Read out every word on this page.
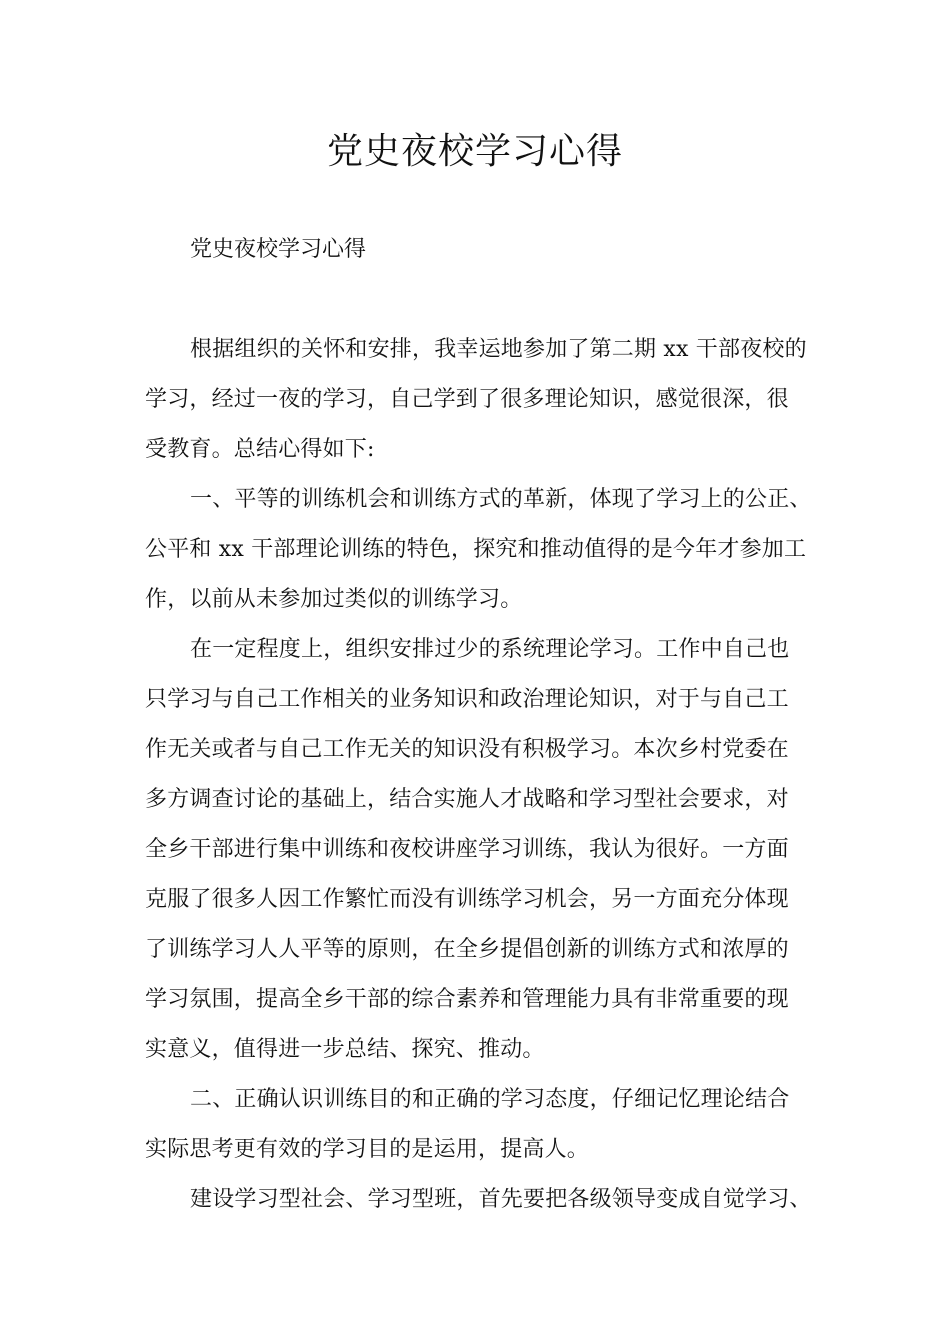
党史夜校学习心得

党史夜校学习心得

根据组织的关怀和安排，我幸运地参加了第二期 xx 干部夜校的
学习，经过一夜的学习，自己学到了很多理论知识，感觉很深，很
受教育。总结心得如下:
一、平等的训练机会和训练方式的革新，体现了学习上的公正、
公平和 xx 干部理论训练的特色，探究和推动值得的是今年才参加工
作，以前从未参加过类似的训练学习。
在一定程度上，组织安排过少的系统理论学习。工作中自己也
只学习与自己工作相关的业务知识和政治理论知识，对于与自己工
作无关或者与自己工作无关的知识没有积极学习。本次乡村党委在
多方调查讨论的基础上，结合实施人才战略和学习型社会要求，对
全乡干部进行集中训练和夜校讲座学习训练，我认为很好。一方面
克服了很多人因工作繁忙而没有训练学习机会，另一方面充分体现
了训练学习人人平等的原则，在全乡提倡创新的训练方式和浓厚的
学习氛围，提高全乡干部的综合素养和管理能力具有非常重要的现
实意义，值得进一步总结、探究、推动。
二、正确认识训练目的和正确的学习态度，仔细记忆理论结合
实际思考更有效的学习目的是运用，提高人。
建设学习型社会、学习型班，首先要把各级领导变成自觉学习、
